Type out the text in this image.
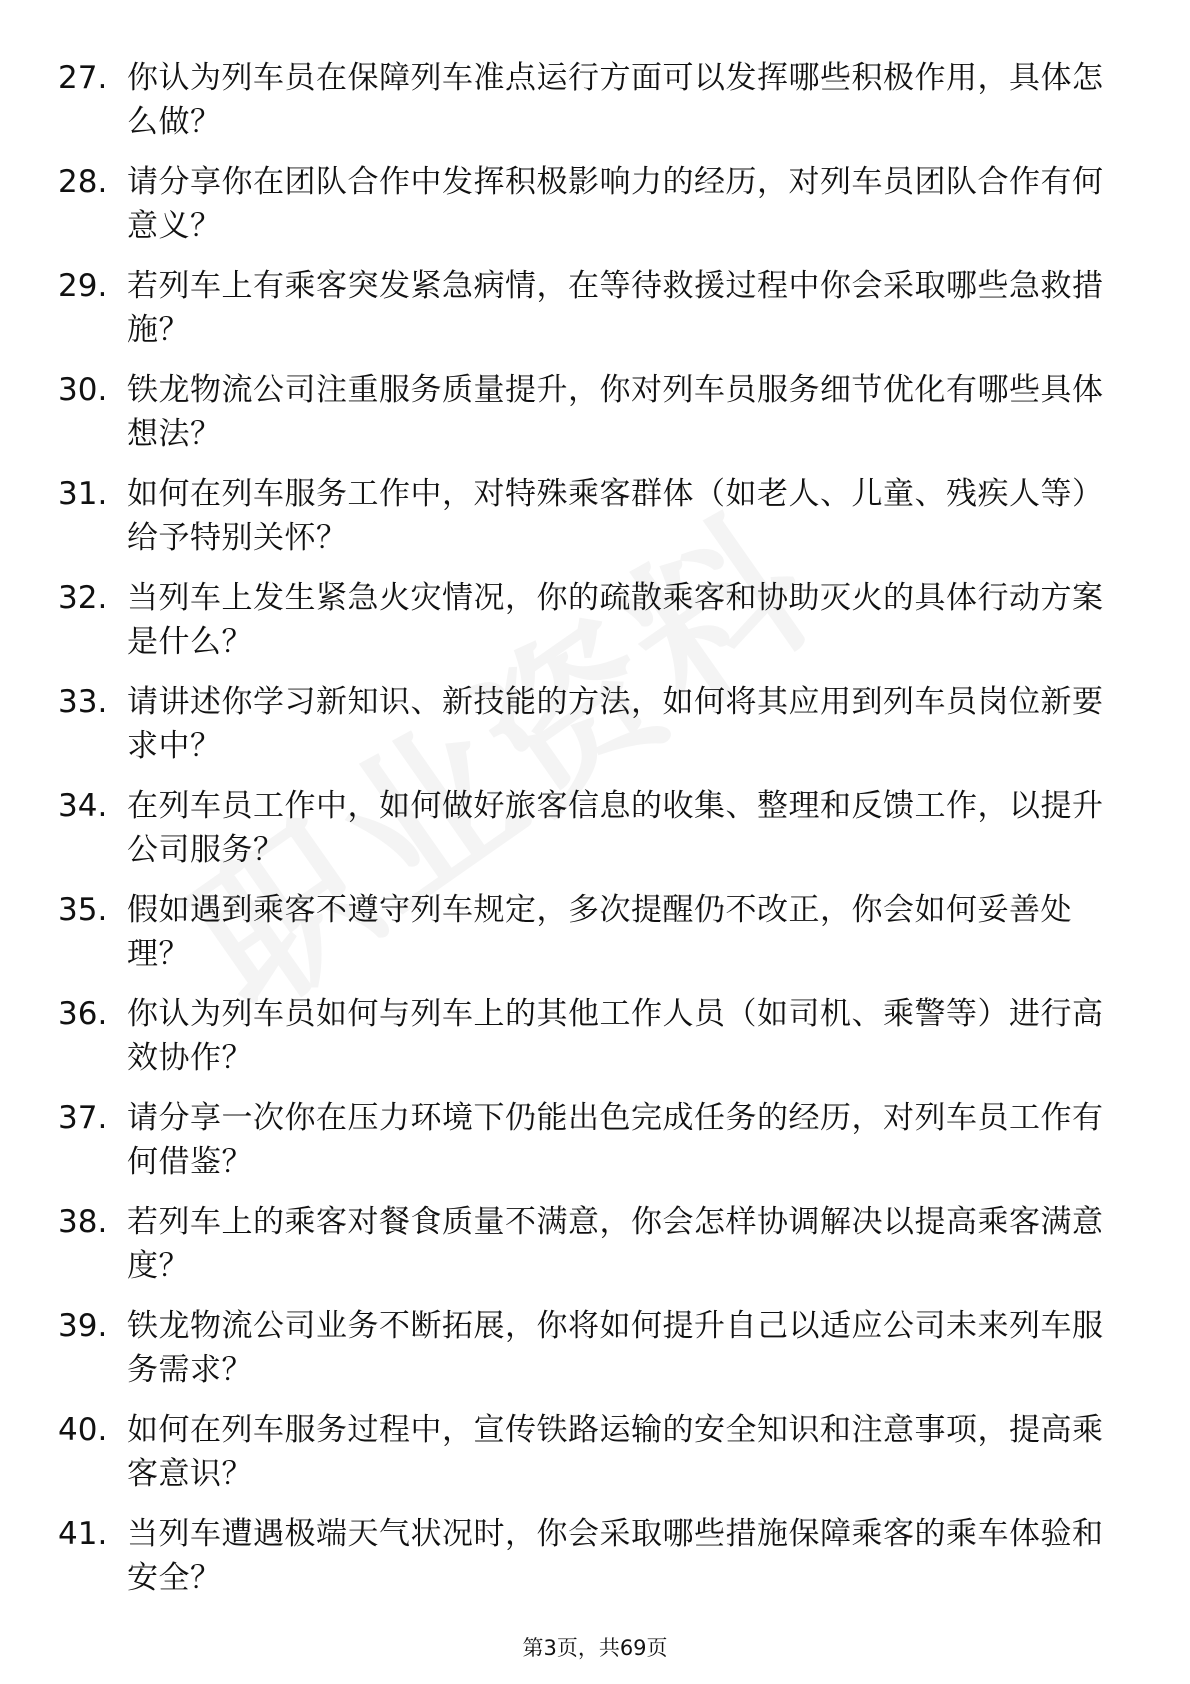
27. 你认为列车员在保障列车准点运行方面可以发挥哪些积极作用，具体怎么做？
28. 请分享你在团队合作中发挥积极影响力的经历，对列车员团队合作有何意义？
29. 若列车上有乘客突发紧急病情，在等待救援过程中你会采取哪些急救措施？
30. 铁龙物流公司注重服务质量提升，你对列车员服务细节优化有哪些具体想法？
31. 如何在列车服务工作中，对特殊乘客群体（如老人、儿童、残疾人等）给予特别关怀？
32. 当列车上发生紧急火灾情况，你的疏散乘客和协助灭火的具体行动方案是什么？
33. 请讲述你学习新知识、新技能的方法，如何将其应用到列车员岗位新要求中？
34. 在列车员工作中，如何做好旅客信息的收集、整理和反馈工作，以提升公司服务？
35. 假如遇到乘客不遵守列车规定，多次提醒仍不改正，你会如何妥善处理？
36. 你认为列车员如何与列车上的其他工作人员（如司机、乘警等）进行高效协作？
37. 请分享一次你在压力环境下仍能出色完成任务的经历，对列车员工作有何借鉴？
38. 若列车上的乘客对餐食质量不满意，你会怎样协调解决以提高乘客满意度？
39. 铁龙物流公司业务不断拓展，你将如何提升自己以适应公司未来列车服务需求？
40. 如何在列车服务过程中，宣传铁路运输的安全知识和注意事项，提高乘客意识？
41. 当列车遭遇极端天气状况时，你会采取哪些措施保障乘客的乘车体验和安全？
第3页，共69页
